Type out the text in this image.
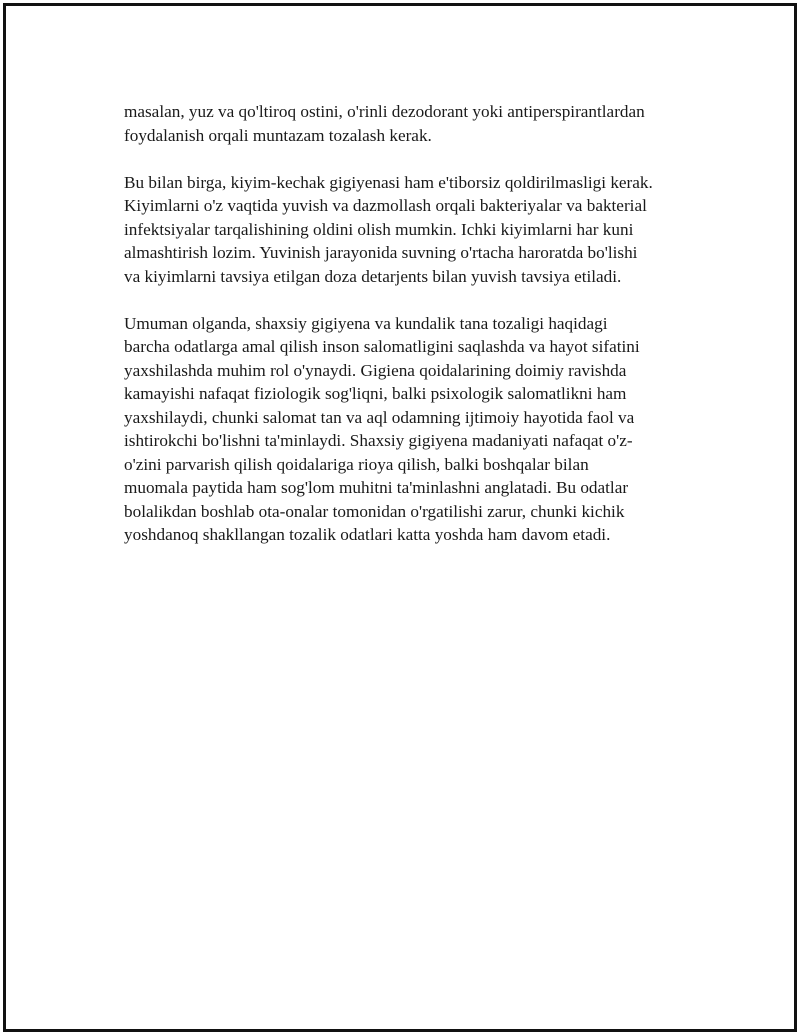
masalan, yuz va qo'ltiroq ostini, o'rinli dezodorant yoki antiperspirantlardan
foydalanish orqali muntazam tozalash kerak.

Bu bilan birga, kiyim-kechak gigiyenasi ham e'tiborsiz qoldirilmasligi kerak.
Kiyimlarni o'z vaqtida yuvish va dazmollash orqali bakteriyalar va bakterial
infektsiyalar tarqalishining oldini olish mumkin. Ichki kiyimlarni har kuni
almashtirish lozim. Yuvinish jarayonida suvning o'rtacha haroratda bo'lishi
va kiyimlarni tavsiya etilgan doza detarjents bilan yuvish tavsiya etiladi.

Umuman olganda, shaxsiy gigiyena va kundalik tana tozaligi haqidagi
barcha odatlarga amal qilish inson salomatligini saqlashda va hayot sifatini
yaxshilashda muhim rol o'ynaydi. Gigiena qoidalarining doimiy ravishda
kamayishi nafaqat fiziologik sog'liqni, balki psixologik salomatlikni ham
yaxshilaydi, chunki salomat tan va aql odamning ijtimoiy hayotida faol va
ishtirokchi bo'lishni ta'minlaydi. Shaxsiy gigiyena madaniyati nafaqat o'z-
o'zini parvarish qilish qoidalariga rioya qilish, balki boshqalar bilan
muomala paytida ham sog'lom muhitni ta'minlashni anglatadi. Bu odatlar
bolalikdan boshlab ota-onalar tomonidan o'rgatilishi zarur, chunki kichik
yoshdanoq shakllangan tozalik odatlari katta yoshda ham davom etadi.
